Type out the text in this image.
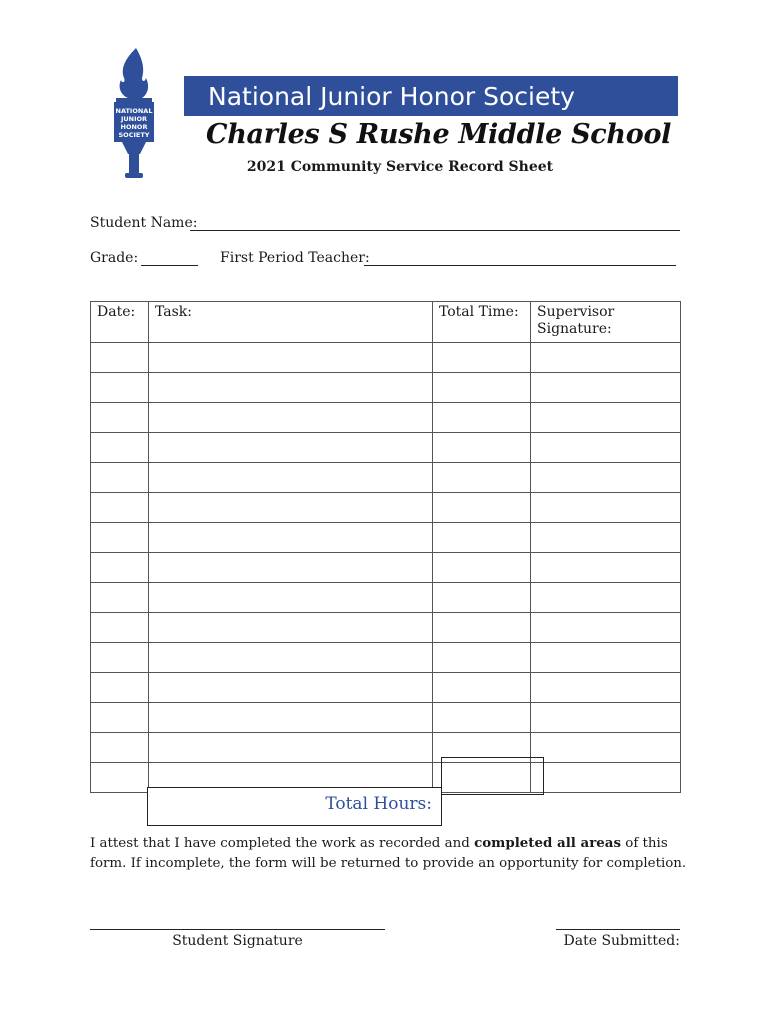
NATIONAL
JUNIOR
HONOR
SOCIETY
National Junior Honor Society
Charles S Rushe Middle School
2021 Community Service Record Sheet
Student Name:
Grade:	First Period Teacher:
Date:	Task:	Total Time:	Supervisor Signature:

Total Hours:
I attest that I have completed the work as recorded and completed all areas of this form. If incomplete, the form will be returned to provide an opportunity for completion.
Student Signature	Date Submitted:
